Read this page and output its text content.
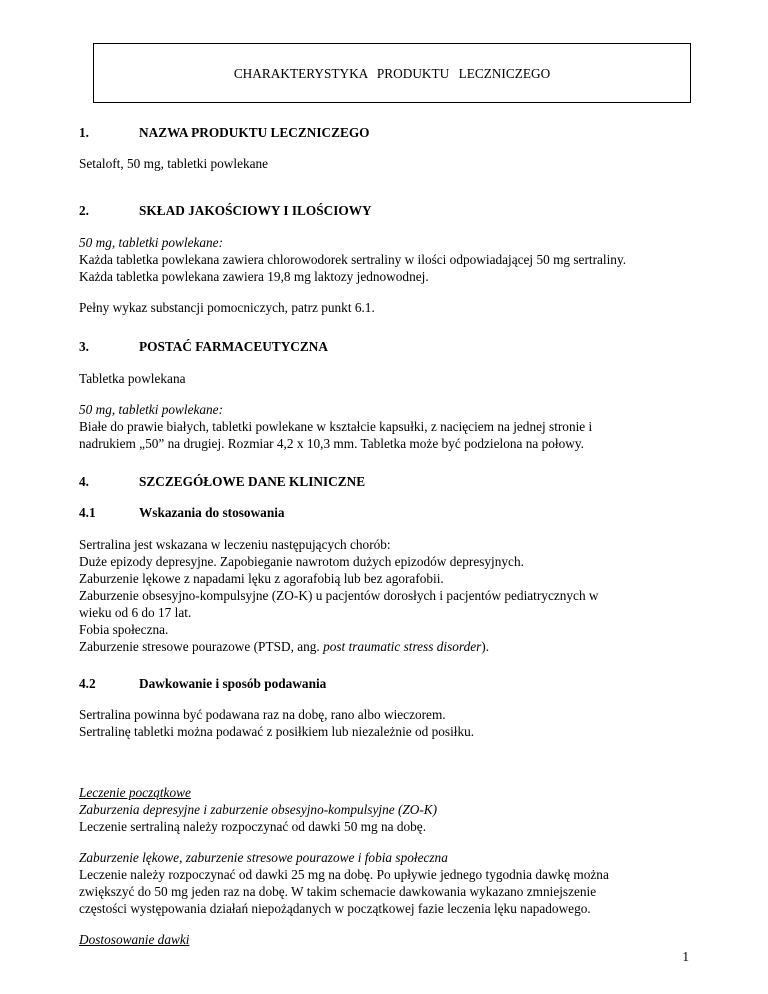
CHARAKTERYSTYKA PRODUKTU LECZNICZEGO
1.	NAZWA PRODUKTU LECZNICZEGO

Setaloft, 50 mg, tabletki powlekane

2.	SKŁAD JAKOŚCIOWY I ILOŚCIOWY

50 mg, tabletki powlekane:

Każda tabletka powlekana zawiera chlorowodorek sertraliny w ilości odpowiadającej 50 mg sertraliny.

Każda tabletka powlekana zawiera 19,8 mg laktozy jednowodnej.

Pełny wykaz substancji pomocniczych, patrz punkt 6.1.

3.	POSTAĆ FARMACEUTYCZNA

Tabletka powlekana

50 mg, tabletki powlekane:

Białe do prawie białych, tabletki powlekane w kształcie kapsułki, z nacięciem na jednej stronie i

nadrukiem „50” na drugiej. Rozmiar 4,2 x 10,3 mm. Tabletka może być podzielona na połowy.

4.	SZCZEGÓŁOWE DANE KLINICZNE
4.1	Wskazania do stosowania

Sertralina jest wskazana w leczeniu następujących chorób:

Duże epizody depresyjne. Zapobieganie nawrotom dużych epizodów depresyjnych.

Zaburzenie lękowe z napadami lęku z agorafobią lub bez agorafobii.

Zaburzenie obsesyjno-kompulsyjne (ZO-K) u pacjentów dorosłych i pacjentów pediatrycznych w

wieku od 6 do 17 lat.

Fobia społeczna.

Zaburzenie stresowe pourazowe (PTSD, ang. post traumatic stress disorder).

4.2	Dawkowanie i sposób podawania

Sertralina powinna być podawana raz na dobę, rano albo wieczorem.

Sertralinę tabletki można podawać z posiłkiem lub niezależnie od posiłku.

Leczenie początkowe

Zaburzenia depresyjne i zaburzenie obsesyjno-kompulsyjne (ZO-K)

Leczenie sertraliną należy rozpoczynać od dawki 50 mg na dobę.

Zaburzenie lękowe, zaburzenie stresowe pourazowe i fobia społeczna

Leczenie należy rozpoczynać od dawki 25 mg na dobę. Po upływie jednego tygodnia dawkę można

zwiększyć do 50 mg jeden raz na dobę. W takim schemacie dawkowania wykazano zmniejszenie

częstości występowania działań niepożądanych w początkowej fazie leczenia lęku napadowego.

Dostosowanie dawki

1
